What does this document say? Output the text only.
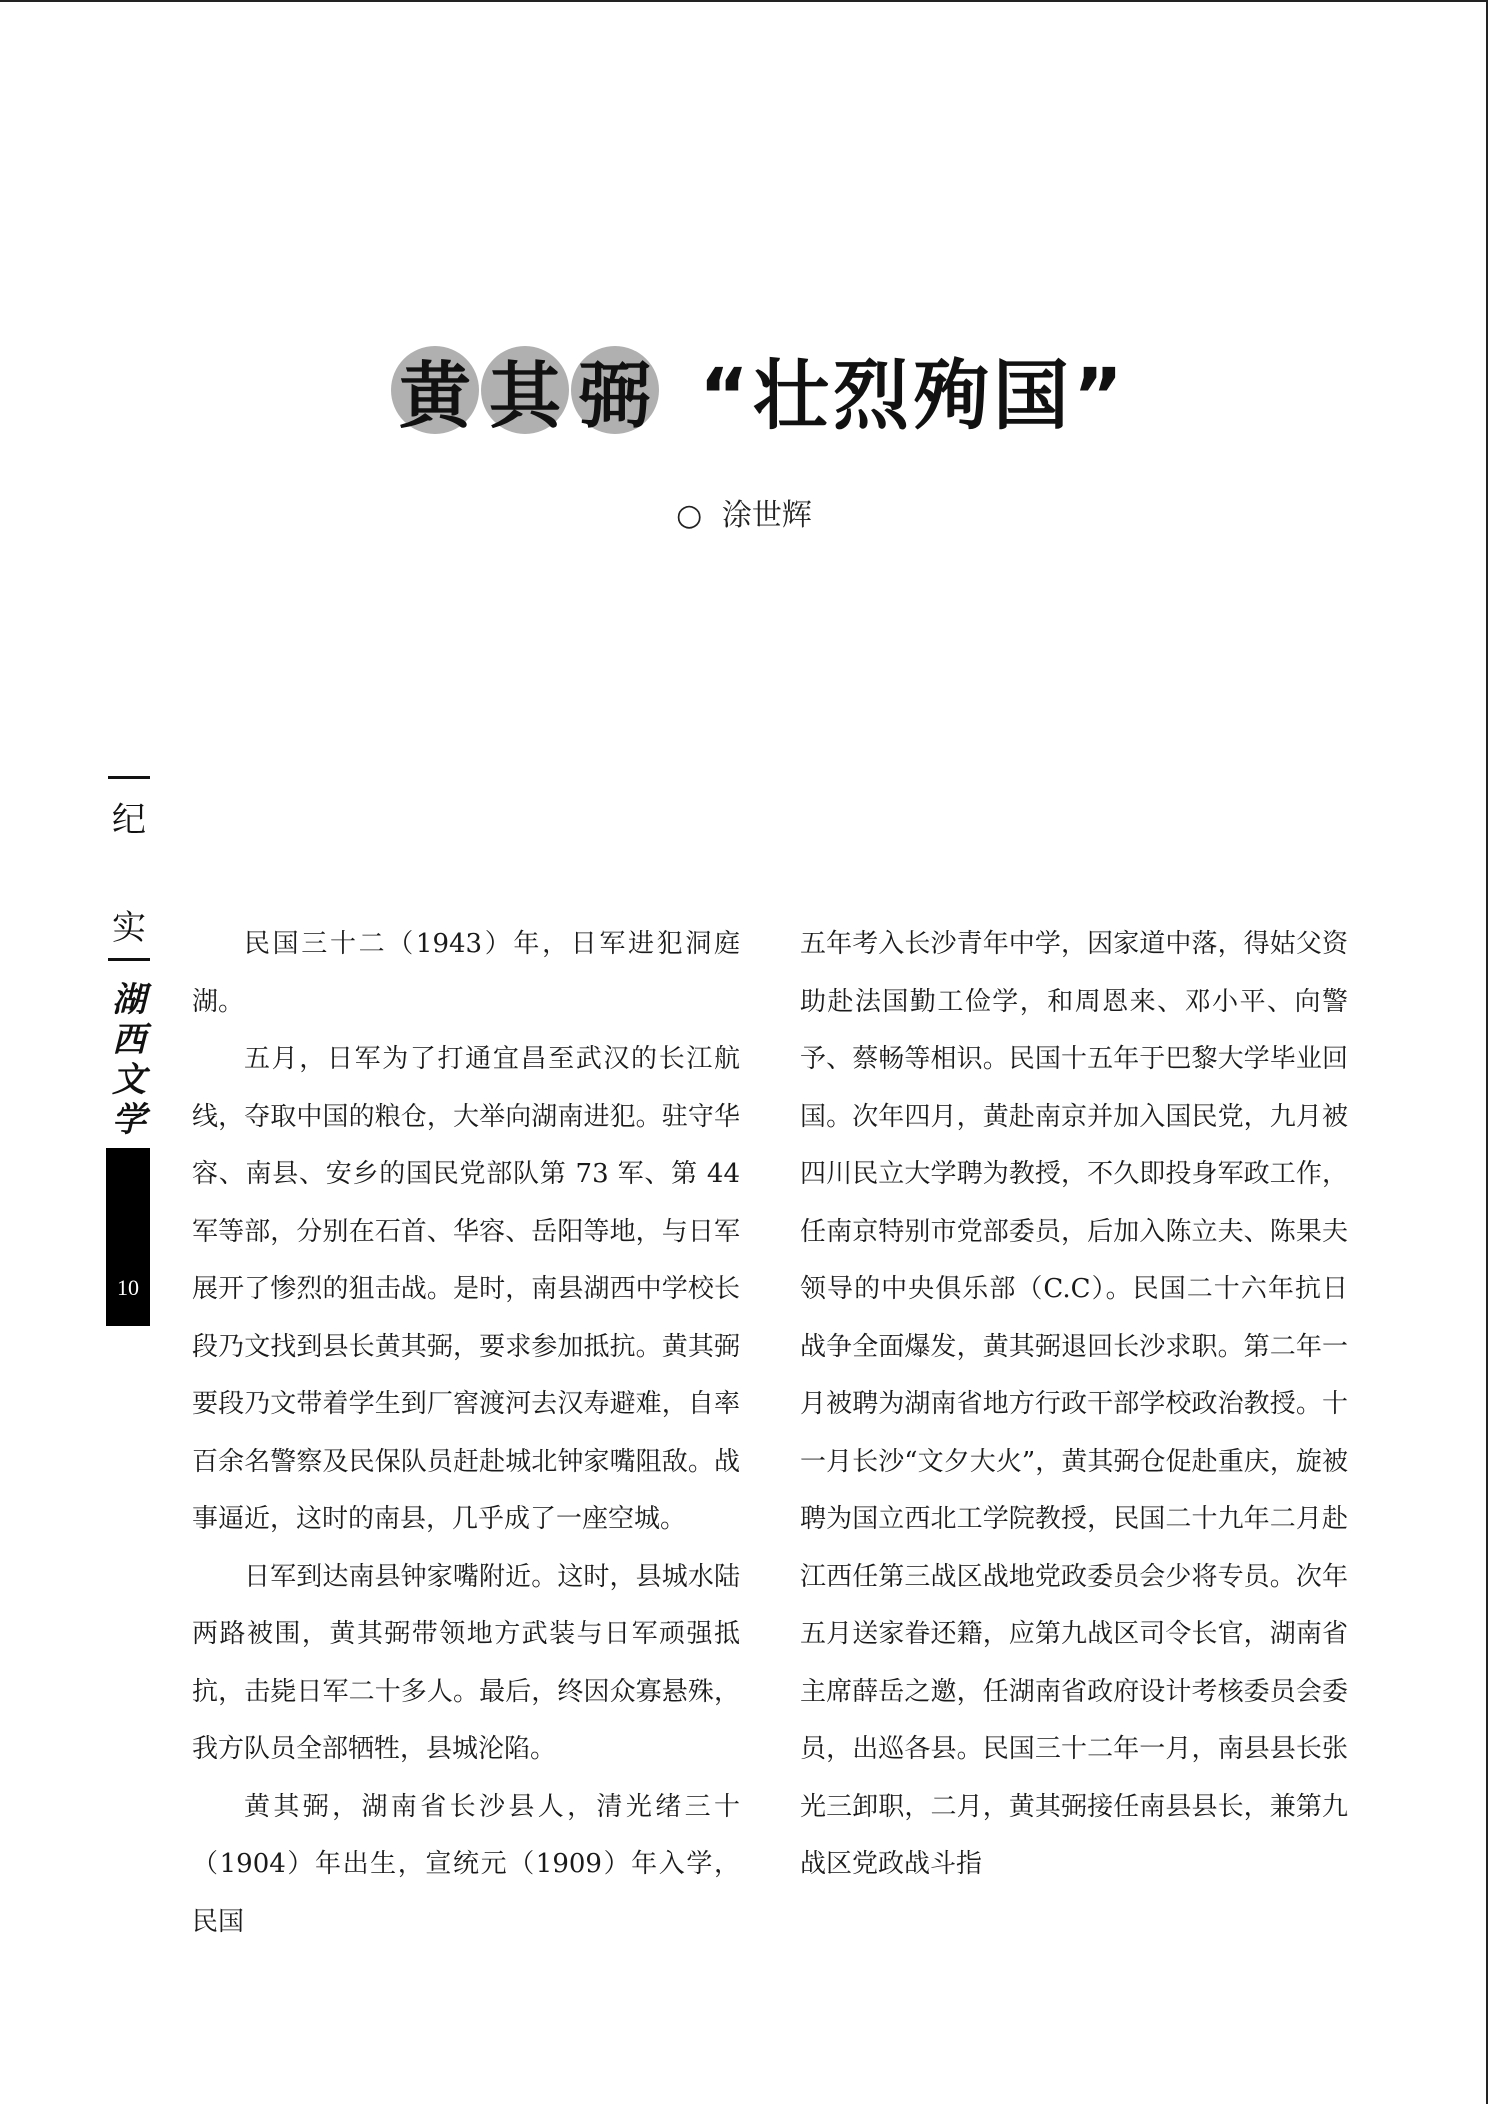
黄 其 弼 “壮烈殉国”
○ 涂世辉
纪
实
湖
西
文
学
10

民国三十二（1943）年，日军进犯洞庭湖。

五月，日军为了打通宜昌至武汉的长江航线，夺取中国的粮仓，大举向湖南进犯。驻守华容、南县、安乡的国民党部队第 73 军、第 44 军等部，分别在石首、华容、岳阳等地，与日军展开了惨烈的狙击战。是时，南县湖西中学校长段乃文找到县长黄其弼，要求参加抵抗。黄其弼要段乃文带着学生到厂窖渡河去汉寿避难，自率百余名警察及民保队员赶赴城北钟家嘴阻敌。战事逼近，这时的南县，几乎成了一座空城。

日军到达南县钟家嘴附近。这时，县城水陆两路被围，黄其弼带领地方武装与日军顽强抵抗，击毙日军二十多人。最后，终因众寡悬殊，我方队员全部牺牲，县城沦陷。

黄其弼，湖南省长沙县人，清光绪三十（1904）年出生，宣统元（1909）年入学，民国

五年考入长沙青年中学，因家道中落，得姑父资助赴法国勤工俭学，和周恩来、邓小平、向警予、蔡畅等相识。民国十五年于巴黎大学毕业回国。次年四月，黄赴南京并加入国民党，九月被四川民立大学聘为教授，不久即投身军政工作，任南京特别市党部委员，后加入陈立夫、陈果夫领导的中央俱乐部（C.C）。民国二十六年抗日战争全面爆发，黄其弼退回长沙求职。第二年一月被聘为湖南省地方行政干部学校政治教授。十一月长沙“文夕大火”，黄其弼仓促赴重庆，旋被聘为国立西北工学院教授，民国二十九年二月赴江西任第三战区战地党政委员会少将专员。次年五月送家眷还籍，应第九战区司令长官，湖南省主席薛岳之邀，任湖南省政府设计考核委员会委员，出巡各县。民国三十二年一月，南县县长张光三卸职，二月，黄其弼接任南县县长，兼第九战区党政战斗指
